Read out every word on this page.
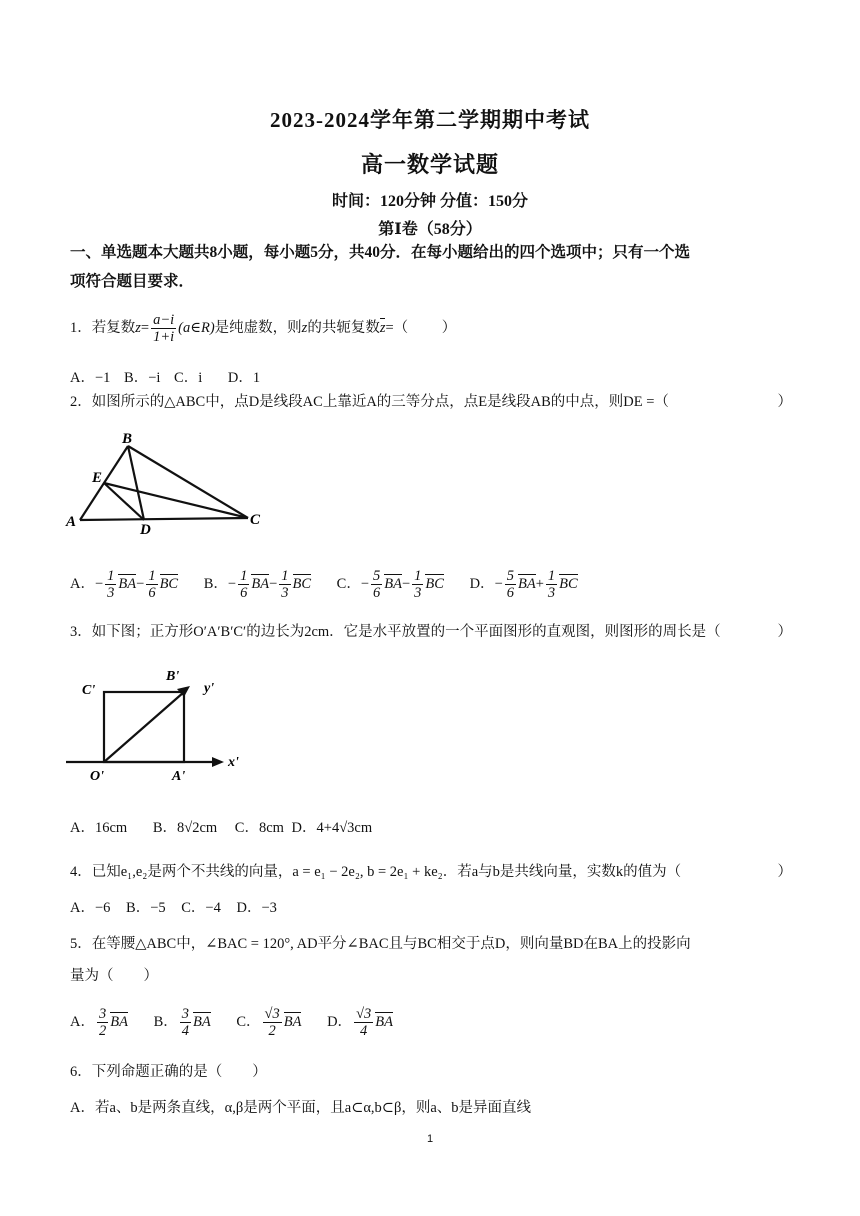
2023-2024学年第二学期期中考试
高一数学试题
时间：120分钟 分值：150分
第Ⅰ卷（58分）
一、单选题本大题共8小题，每小题5分，共40分．在每小题给出的四个选项中；只有一个选
项符合题目要求．
1．若复数$z= \frac{a-i}{1+i}$ (a∈R)是纯虚数，则z的共轭复数z=（ ）
A．−1 B．−i C．i D．1
2．如图所示的△ABC中，点D是线段AC上靠近A的三等分点，点E是线段AB的中点，则DE =（	）
B
E
A	D
C
A．− $\frac{1}{3} BA- \frac{1}{6}$ BC B．− $\frac{1}{6} BA- \frac{1}{3}$ BC C．− $\frac{5}{6} BA- \frac{1}{3}$ BC D．− $\frac{5}{6} BA+ \frac{1}{3}$ BC
3．如下图；正方形O′A′B′C′的边长为2cm．它是水平放置的一个平面图形的直观图，则图形的周长是（	）
C'
B'
y'
O'	A'
x'
A．16cm B．8√2cm C．8cm D．4+4√3cm
4．已知e₁,e₂是两个不共线的向量，a = e₁ − 2e₂, b = 2e₁ + ke₂．若a与b是共线向量，实数k的值为（	）
A．−6 B．−5 C．−4 D．−3
5．在等腰△ABC中，∠BAC = 120°, AD平分∠BAC且与BC相交于点D，则向量BD在BA上的投影向
量为（ ）
A． $\frac{3}{2}$ BA B． $\frac{3}{4}$ BA C． $\frac{√3}{2}$ BA D． $\frac{√3}{4}$ BA
6．下列命题正确的是（ ）
A．若a、b是两条直线，α,β是两个平面，且a⊂α,b⊂β，则a、b是异面直线
1
